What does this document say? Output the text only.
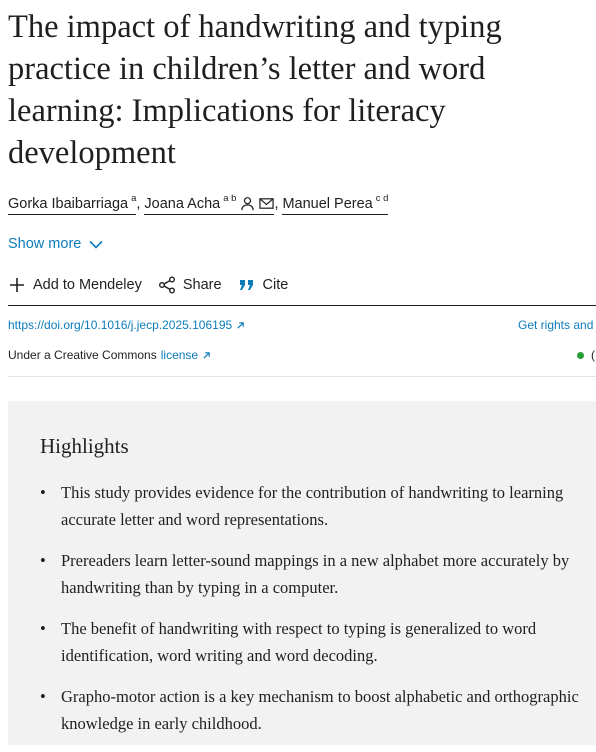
The impact of handwriting and typing practice in children’s letter and word learning: Implications for literacy development
Gorka Ibaibarriaga $^a$ , Joana Acha $^{a b}$	, Manuel Perea $^{c d}$
Show more
Add to Mendeley	Share	Cite
https://doi.org/10.1016/j.jecp.2025.106195	Get rights and
Under a Creative Commons license	(
Highlights
• This study provides evidence for the contribution of handwriting to learning accurate letter and word representations.
• Prereaders learn letter-sound mappings in a new alphabet more accurately by handwriting than by typing in a computer.
• The benefit of handwriting with respect to typing is generalized to word identification, word writing and word decoding.
• Grapho-motor action is a key mechanism to boost alphabetic and orthographic knowledge in early childhood.
